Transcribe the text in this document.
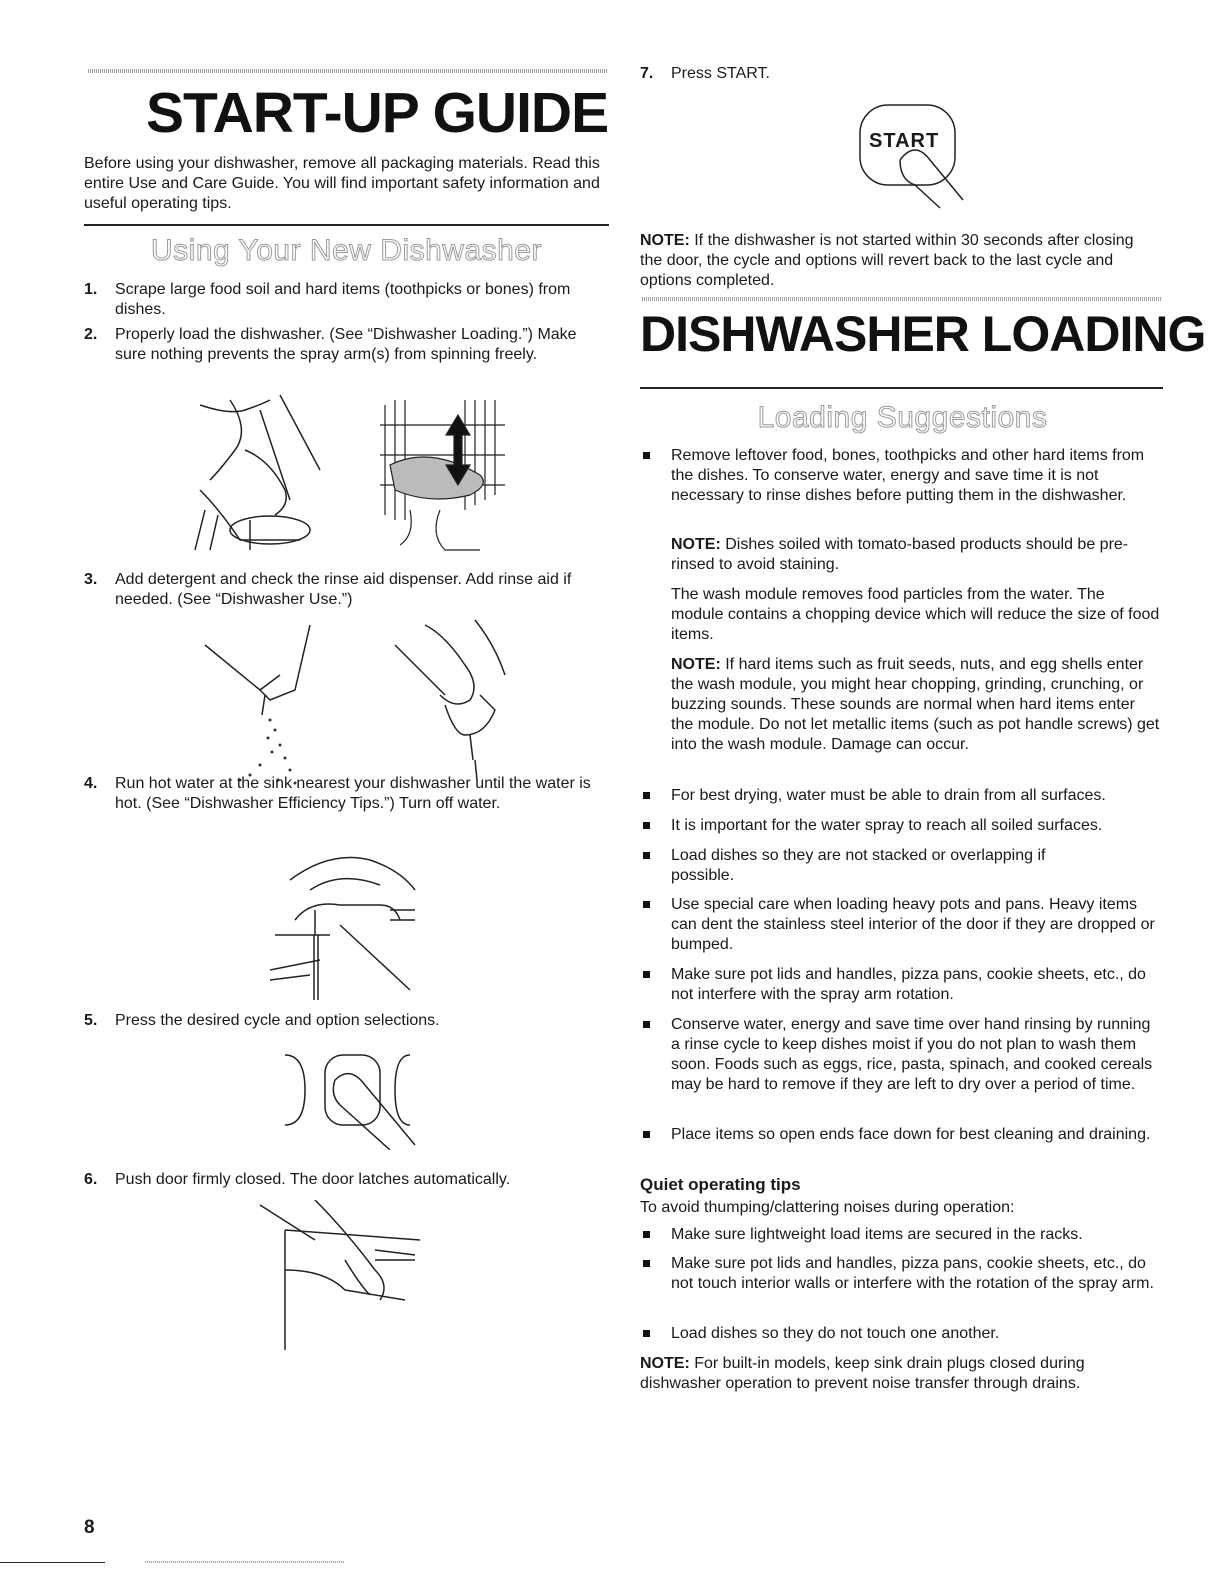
START-UP GUIDE
Before using your dishwasher, remove all packaging materials. Read this entire Use and Care Guide. You will find important safety information and useful operating tips.
Using Your New Dishwasher
1. Scrape large food soil and hard items (toothpicks or bones) from dishes.
2. Properly load the dishwasher. (See “Dishwasher Loading.”) Make sure nothing prevents the spray arm(s) from spinning freely.
3. Add detergent and check the rinse aid dispenser. Add rinse aid if needed. (See “Dishwasher Use.”)
4. Run hot water at the sink nearest your dishwasher until the water is hot. (See “Dishwasher Efficiency Tips.”) Turn off water.
5. Press the desired cycle and option selections.
6. Push door firmly closed. The door latches automatically.
7. Press START.
START
NOTE: If the dishwasher is not started within 30 seconds after closing the door, the cycle and options will revert back to the last cycle and options completed.
DISHWASHER LOADING
Loading Suggestions
Remove leftover food, bones, toothpicks and other hard items from the dishes. To conserve water, energy and save time it is not necessary to rinse dishes before putting them in the dishwasher.
NOTE: Dishes soiled with tomato-based products should be pre-rinsed to avoid staining.
The wash module removes food particles from the water. The module contains a chopping device which will reduce the size of food items.
NOTE: If hard items such as fruit seeds, nuts, and egg shells enter the wash module, you might hear chopping, grinding, crunching, or buzzing sounds. These sounds are normal when hard items enter the module. Do not let metallic items (such as pot handle screws) get into the wash module. Damage can occur.
For best drying, water must be able to drain from all surfaces.
It is important for the water spray to reach all soiled surfaces.
Load dishes so they are not stacked or overlapping if possible.
Use special care when loading heavy pots and pans. Heavy items can dent the stainless steel interior of the door if they are dropped or bumped.
Make sure pot lids and handles, pizza pans, cookie sheets, etc., do not interfere with the spray arm rotation.
Conserve water, energy and save time over hand rinsing by running a rinse cycle to keep dishes moist if you do not plan to wash them soon. Foods such as eggs, rice, pasta, spinach, and cooked cereals may be hard to remove if they are left to dry over a period of time.
Place items so open ends face down for best cleaning and draining.
Quiet operating tips
To avoid thumping/clattering noises during operation:
Make sure lightweight load items are secured in the racks.
Make sure pot lids and handles, pizza pans, cookie sheets, etc., do not touch interior walls or interfere with the rotation of the spray arm.
Load dishes so they do not touch one another.
NOTE: For built-in models, keep sink drain plugs closed during dishwasher operation to prevent noise transfer through drains.
8
